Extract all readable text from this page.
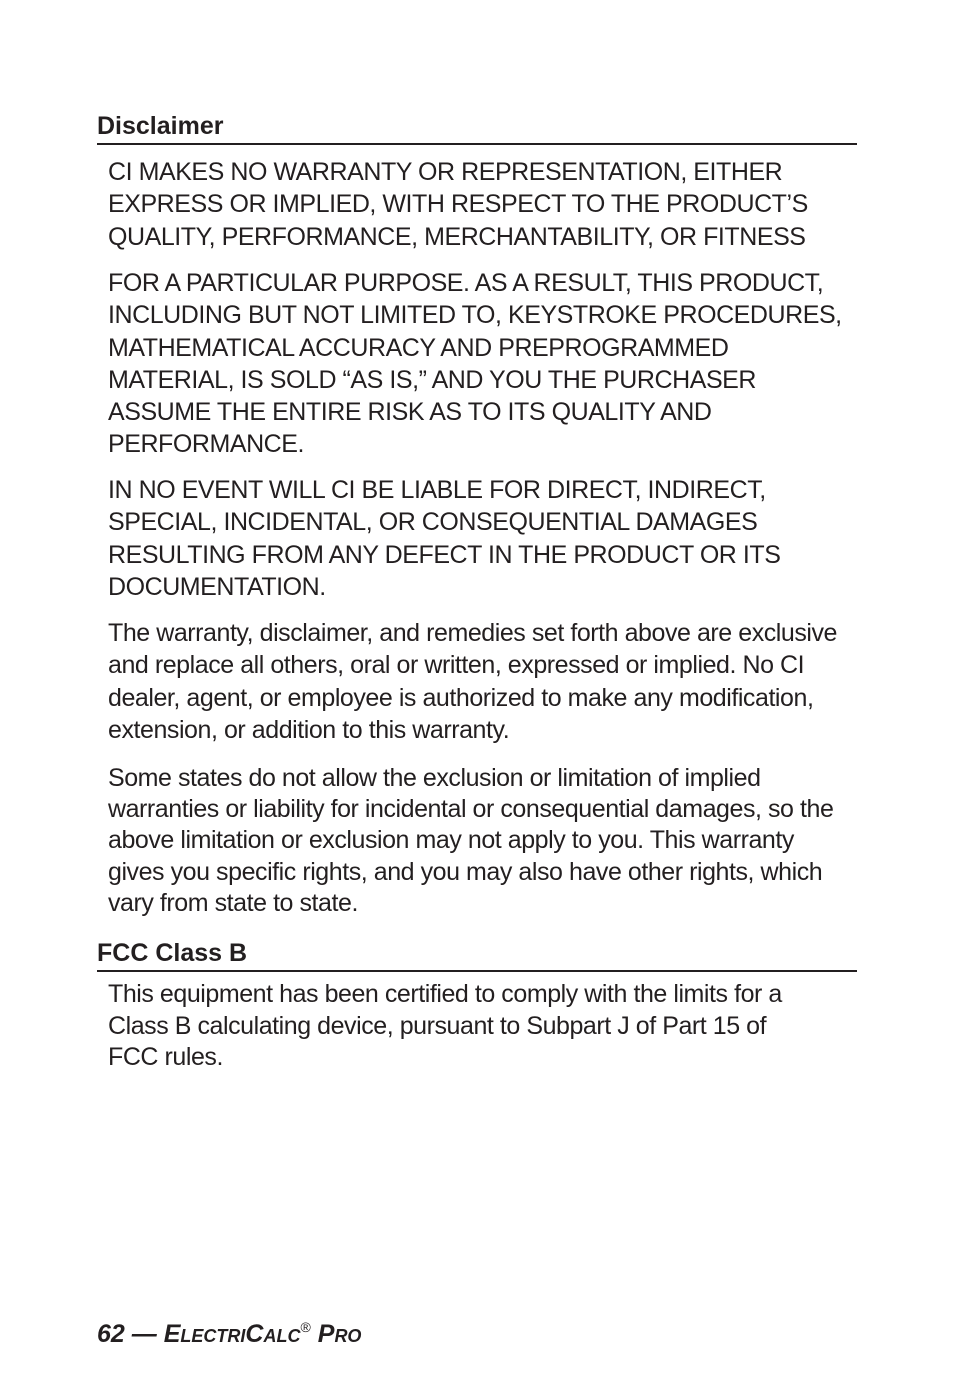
Disclaimer

CI MAKES NO WARRANTY OR REPRESENTATION, EITHER
EXPRESS OR IMPLIED, WITH RESPECT TO THE PRODUCT’S
QUALITY, PERFORMANCE, MERCHANTABILITY, OR FITNESS

FOR A PARTICULAR PURPOSE. AS A RESULT, THIS PRODUCT,
INCLUDING BUT NOT LIMITED TO, KEYSTROKE PROCEDURES,
MATHEMATICAL ACCURACY AND PREPROGRAMMED
MATERIAL, IS SOLD “AS IS,” AND YOU THE PURCHASER
ASSUME THE ENTIRE RISK AS TO ITS QUALITY AND
PERFORMANCE.

IN NO EVENT WILL CI BE LIABLE FOR DIRECT, INDIRECT,
SPECIAL, INCIDENTAL, OR CONSEQUENTIAL DAMAGES
RESULTING FROM ANY DEFECT IN THE PRODUCT OR ITS
DOCUMENTATION.

The warranty, disclaimer, and remedies set forth above are exclusive
and replace all others, oral or written, expressed or implied. No CI
dealer, agent, or employee is authorized to make any modification,
extension, or addition to this warranty.

Some states do not allow the exclusion or limitation of implied
warranties or liability for incidental or consequential damages, so the
above limitation or exclusion may not apply to you. This warranty
gives you specific rights, and you may also have other rights, which
vary from state to state.

FCC Class B

This equipment has been certified to comply with the limits for a
Class B calculating device, pursuant to Subpart J of Part 15 of
FCC rules.

62 — ELECTRICALC® PRO
